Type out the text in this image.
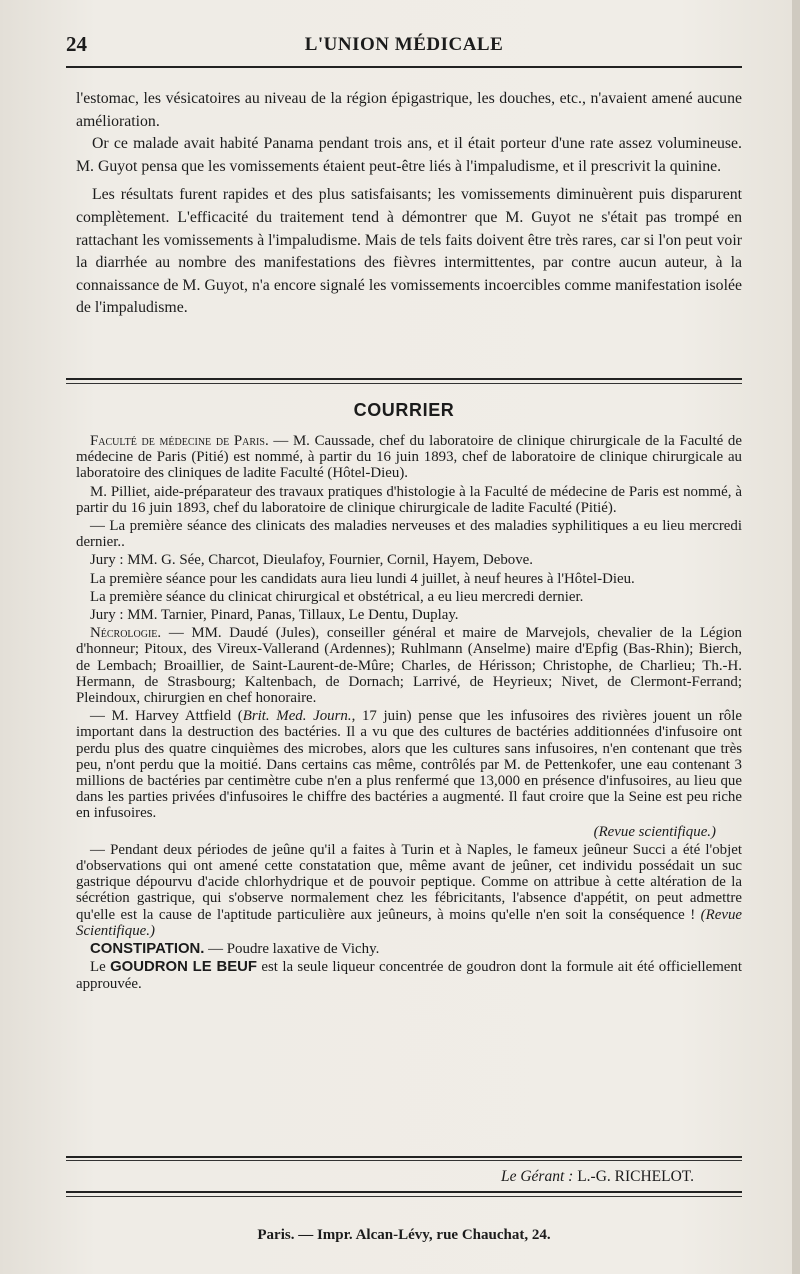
24	L'UNION MÉDICALE

l'estomac, les vésicatoires au niveau de la région épigastrique, les douches, etc., n'avaient amené aucune amélioration.

Or ce malade avait habité Panama pendant trois ans, et il était porteur d'une rate assez volumineuse. M. Guyot pensa que les vomissements étaient peut-être liés à l'impaludisme, et il prescrivit la quinine.

Les résultats furent rapides et des plus satisfaisants; les vomissements diminuèrent puis disparurent complètement. L'efficacité du traitement tend à démontrer que M. Guyot ne s'était pas trompé en rattachant les vomissements à l'impaludisme. Mais de tels faits doivent être très rares, car si l'on peut voir la diarrhée au nombre des manifestations des fièvres intermittentes, par contre aucun auteur, à la connaissance de M. Guyot, n'a encore signalé les vomissements incoercibles comme manifestation isolée de l'impaludisme.

COURRIER

Faculté de médecine de Paris. — M. Caussade, chef du laboratoire de clinique chirurgicale de la Faculté de médecine de Paris (Pitié) est nommé, à partir du 16 juin 1893, chef de laboratoire de clinique chirurgicale au laboratoire des cliniques de ladite Faculté (Hôtel-Dieu).

M. Pilliet, aide-préparateur des travaux pratiques d'histologie à la Faculté de médecine de Paris est nommé, à partir du 16 juin 1893, chef du laboratoire de clinique chirurgicale de ladite Faculté (Pitié).

— La première séance des clinicats des maladies nerveuses et des maladies syphilitiques a eu lieu mercredi dernier..

Jury : MM. G. Sée, Charcot, Dieulafoy, Fournier, Cornil, Hayem, Debove.

La première séance pour les candidats aura lieu lundi 4 juillet, à neuf heures à l'Hôtel-Dieu.

La première séance du clinicat chirurgical et obstétrical, a eu lieu mercredi dernier.

Jury : MM. Tarnier, Pinard, Panas, Tillaux, Le Dentu, Duplay.

Nécrologie. — MM. Daudé (Jules), conseiller général et maire de Marvejols, chevalier de la Légion d'honneur; Pitoux, des Vireux-Vallerand (Ardennes); Ruhlmann (Anselme) maire d'Epfig (Bas-Rhin); Bierch, de Lembach; Broaillier, de Saint-Laurent-de-Mûre; Charles, de Hérisson; Christophe, de Charlieu; Th.-H. Hermann, de Strasbourg; Kaltenbach, de Dornach; Larrivé, de Heyrieux; Nivet, de Clermont-Ferrand; Pleindoux, chirurgien en chef honoraire.

— M. Harvey Attfield (Brit. Med. Journ., 17 juin) pense que les infusoires des rivières jouent un rôle important dans la destruction des bactéries. Il a vu que des cultures de bactéries additionnées d'infusoire ont perdu plus des quatre cinquièmes des microbes, alors que les cultures sans infusoires, n'en contenant que très peu, n'ont perdu que la moitié. Dans certains cas même, contrôlés par M. de Pettenkofer, une eau contenant 3 millions de bactéries par centimètre cube n'en a plus renfermé que 13,000 en présence d'infusoires, au lieu que dans les parties privées d'infusoires le chiffre des bactéries a augmenté. Il faut croire que la Seine est peu riche en infusoires.

(Revue scientifique.)

— Pendant deux périodes de jeûne qu'il a faites à Turin et à Naples, le fameux jeûneur Succi a été l'objet d'observations qui ont amené cette constatation que, même avant de jeûner, cet individu possédait un suc gastrique dépourvu d'acide chlorhydrique et de pouvoir peptique. Comme on attribue à cette altération de la sécrétion gastrique, qui s'observe normalement chez les fébricitants, l'absence d'appétit, on peut admettre qu'elle est la cause de l'aptitude particulière aux jeûneurs, à moins qu'elle n'en soit la conséquence ! (Revue Scientifique.)

CONSTIPATION. — Poudre laxative de Vichy.

Le GOUDRON LE BEUF est la seule liqueur concentrée de goudron dont la formule ait été officiellement approuvée.

Le Gérant : L.-G. RICHELOT.
Paris. — Impr. Alcan-Lévy, rue Chauchat, 24.
